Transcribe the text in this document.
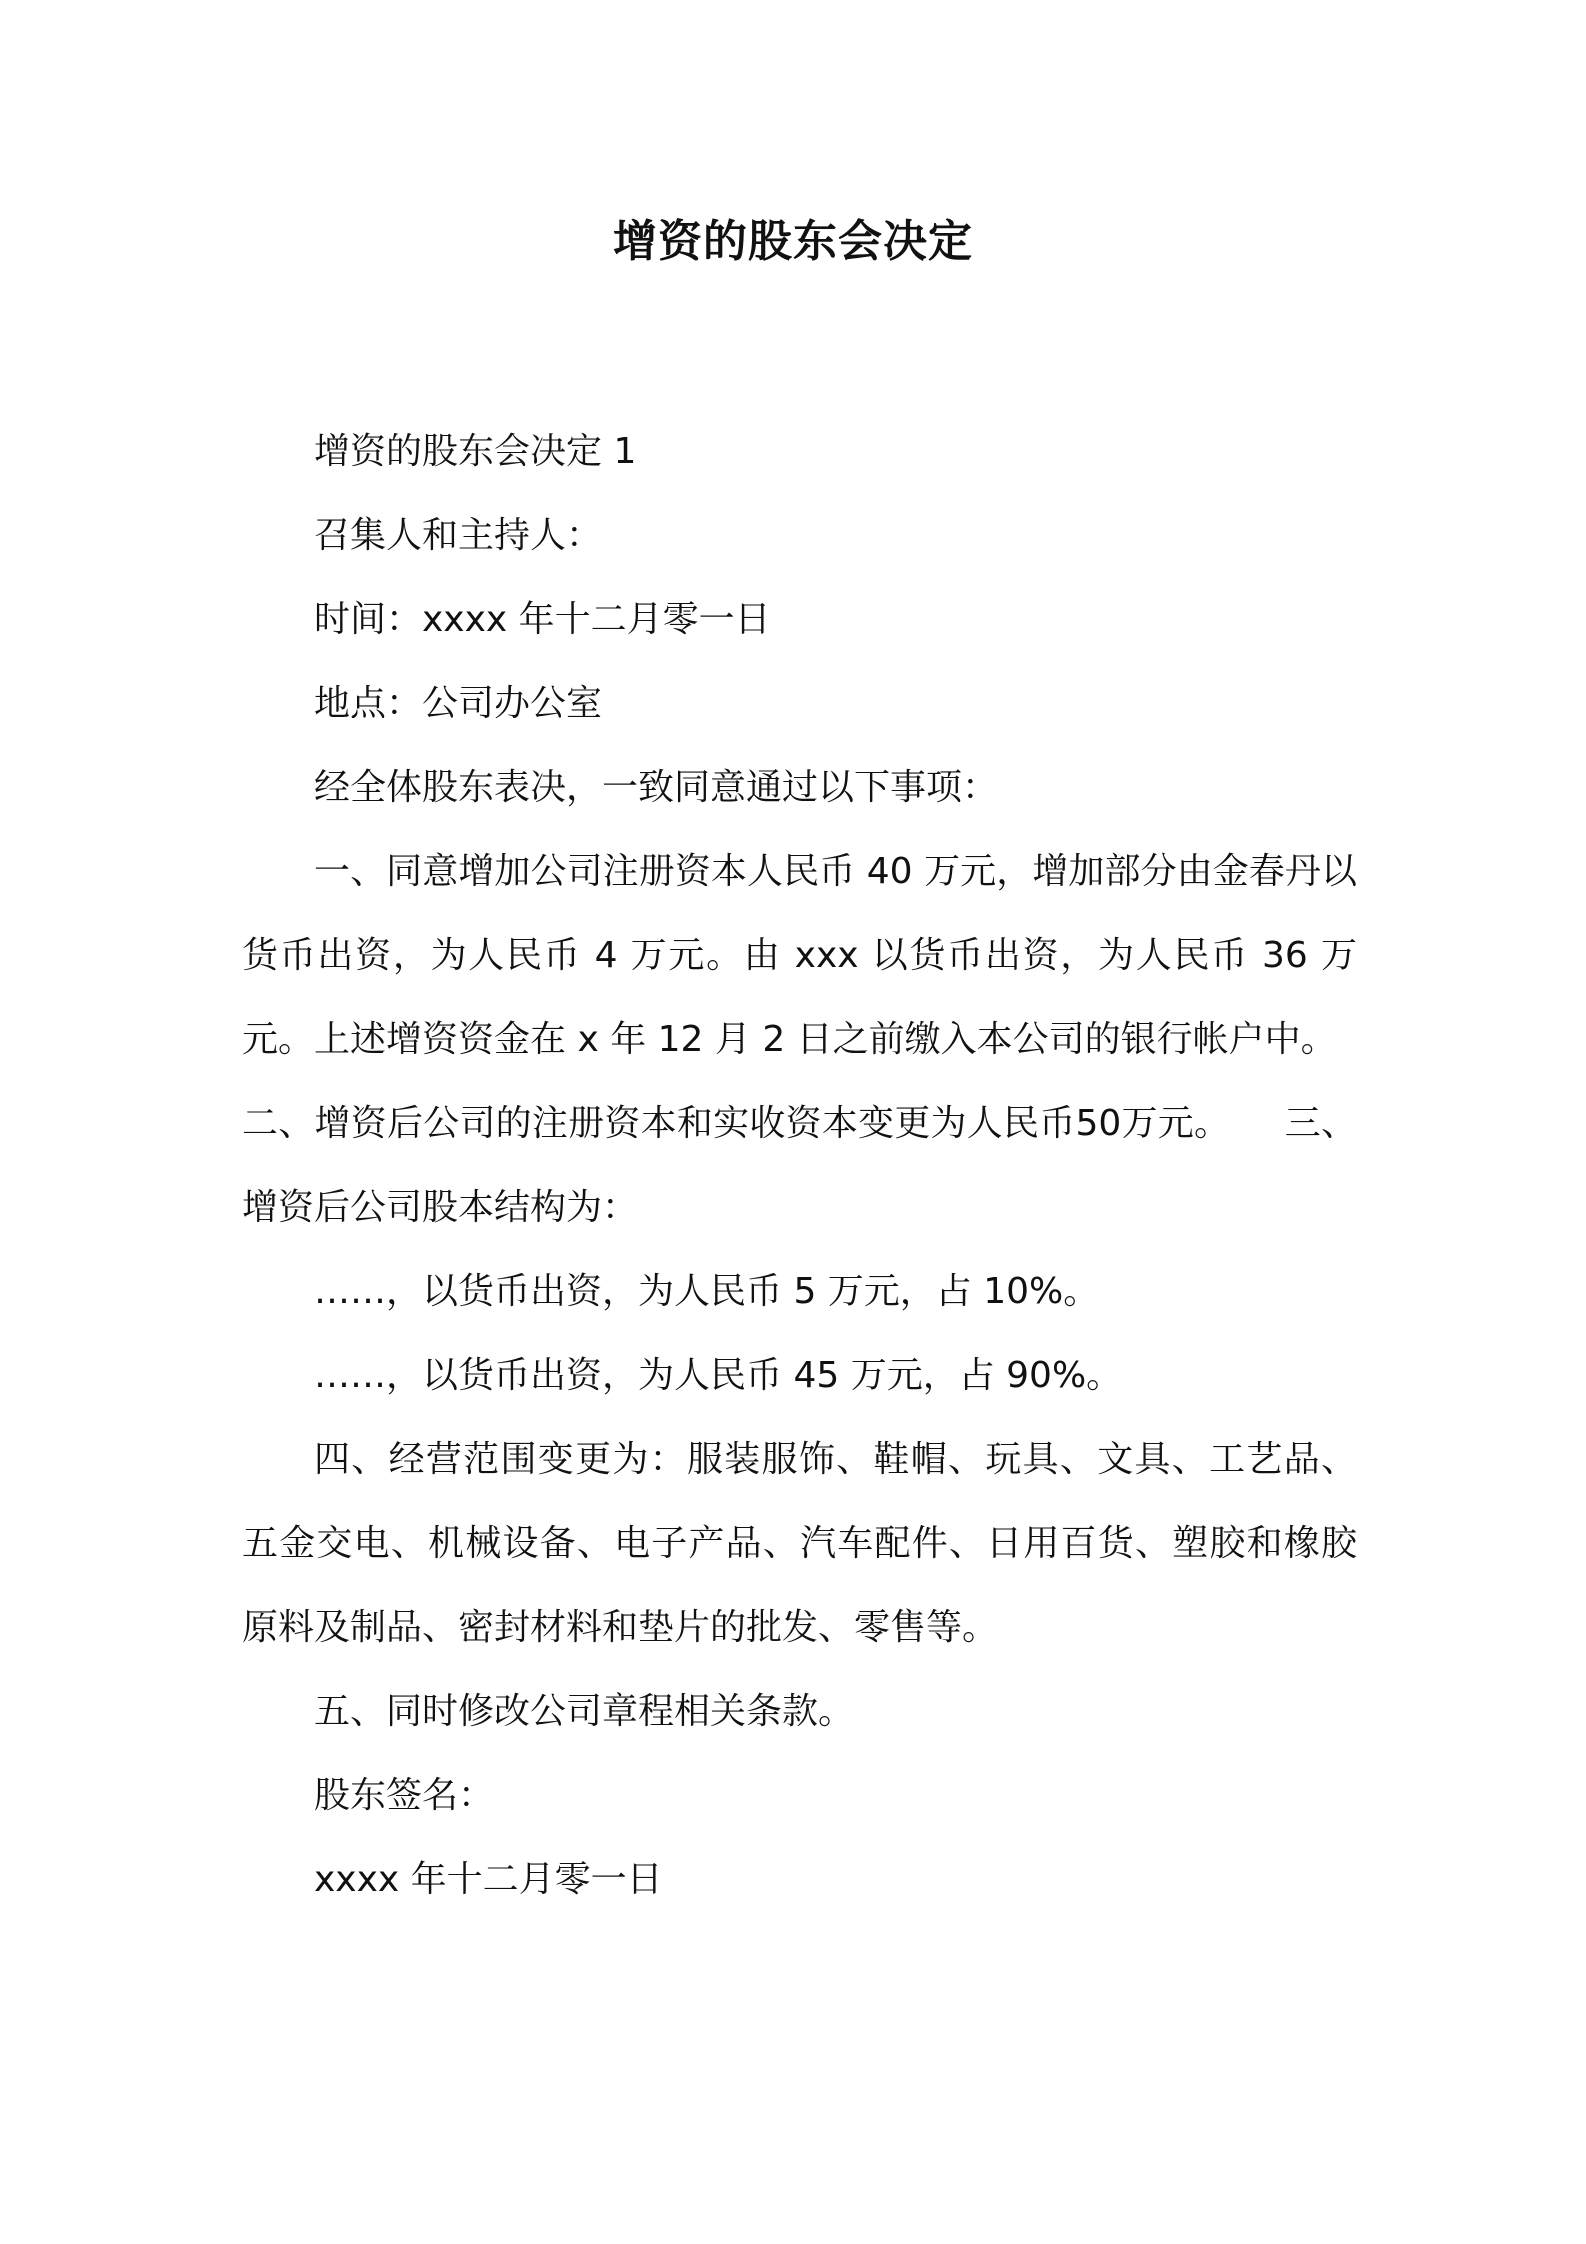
增资的股东会决定

增资的股东会决定 1

召集人和主持人：

时间：xxxx 年十二月零一日

地点：公司办公室

经全体股东表决，一致同意通过以下事项：

一、同意增加公司注册资本人民币 40 万元，增加部分由金春丹以货币出资，为人民币 4 万元。由 xxx 以货币出资，为人民币 36 万元。上述增资资金在 x 年 12 月 2 日之前缴入本公司的银行帐户中。

二、增资后公司的注册资本和实收资本变更为人民币50万元。　　三、增资后公司股本结构为：

……，以货币出资，为人民币 5 万元，占 10%。

……，以货币出资，为人民币 45 万元，占 90%。

四、经营范围变更为：服装服饰、鞋帽、玩具、文具、工艺品、五金交电、机械设备、电子产品、汽车配件、日用百货、塑胶和橡胶原料及制品、密封材料和垫片的批发、零售等。

五、同时修改公司章程相关条款。

股东签名：

xxxx 年十二月零一日
